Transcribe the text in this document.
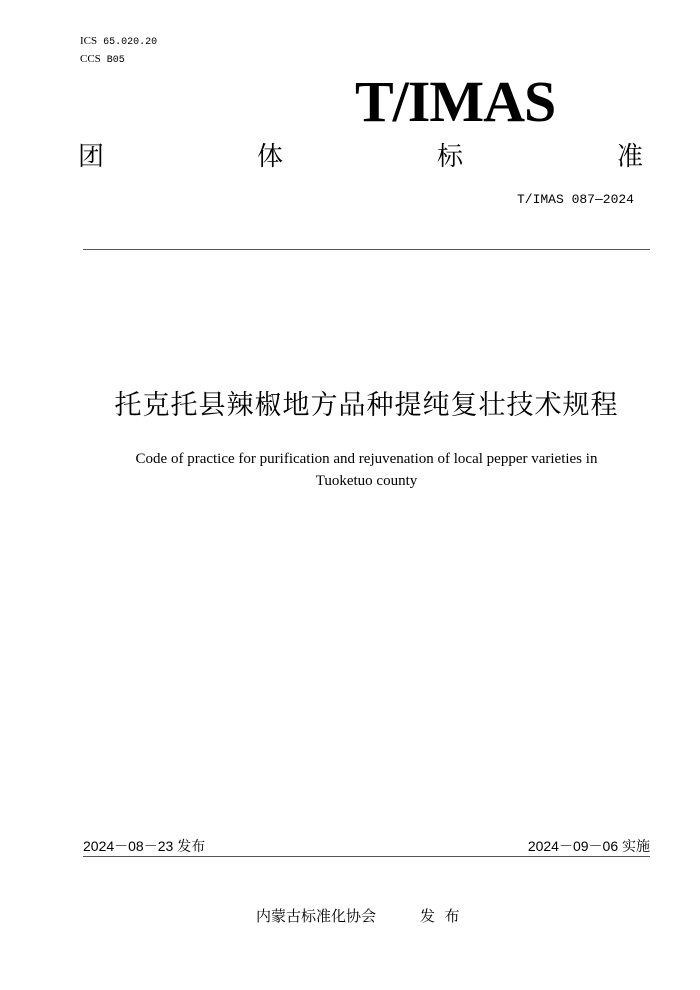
ICS 65.020.20
CCS B05
T/IMAS
团	体	标	准
T/IMAS 087—2024
托克托县辣椒地方品种提纯复壮技术规程
Code of practice for purification and rejuvenation of local pepper varieties in
Tuoketuo county
2024－08－23 发布	2024－09－06 实施
内蒙古标准化协会	发  布
